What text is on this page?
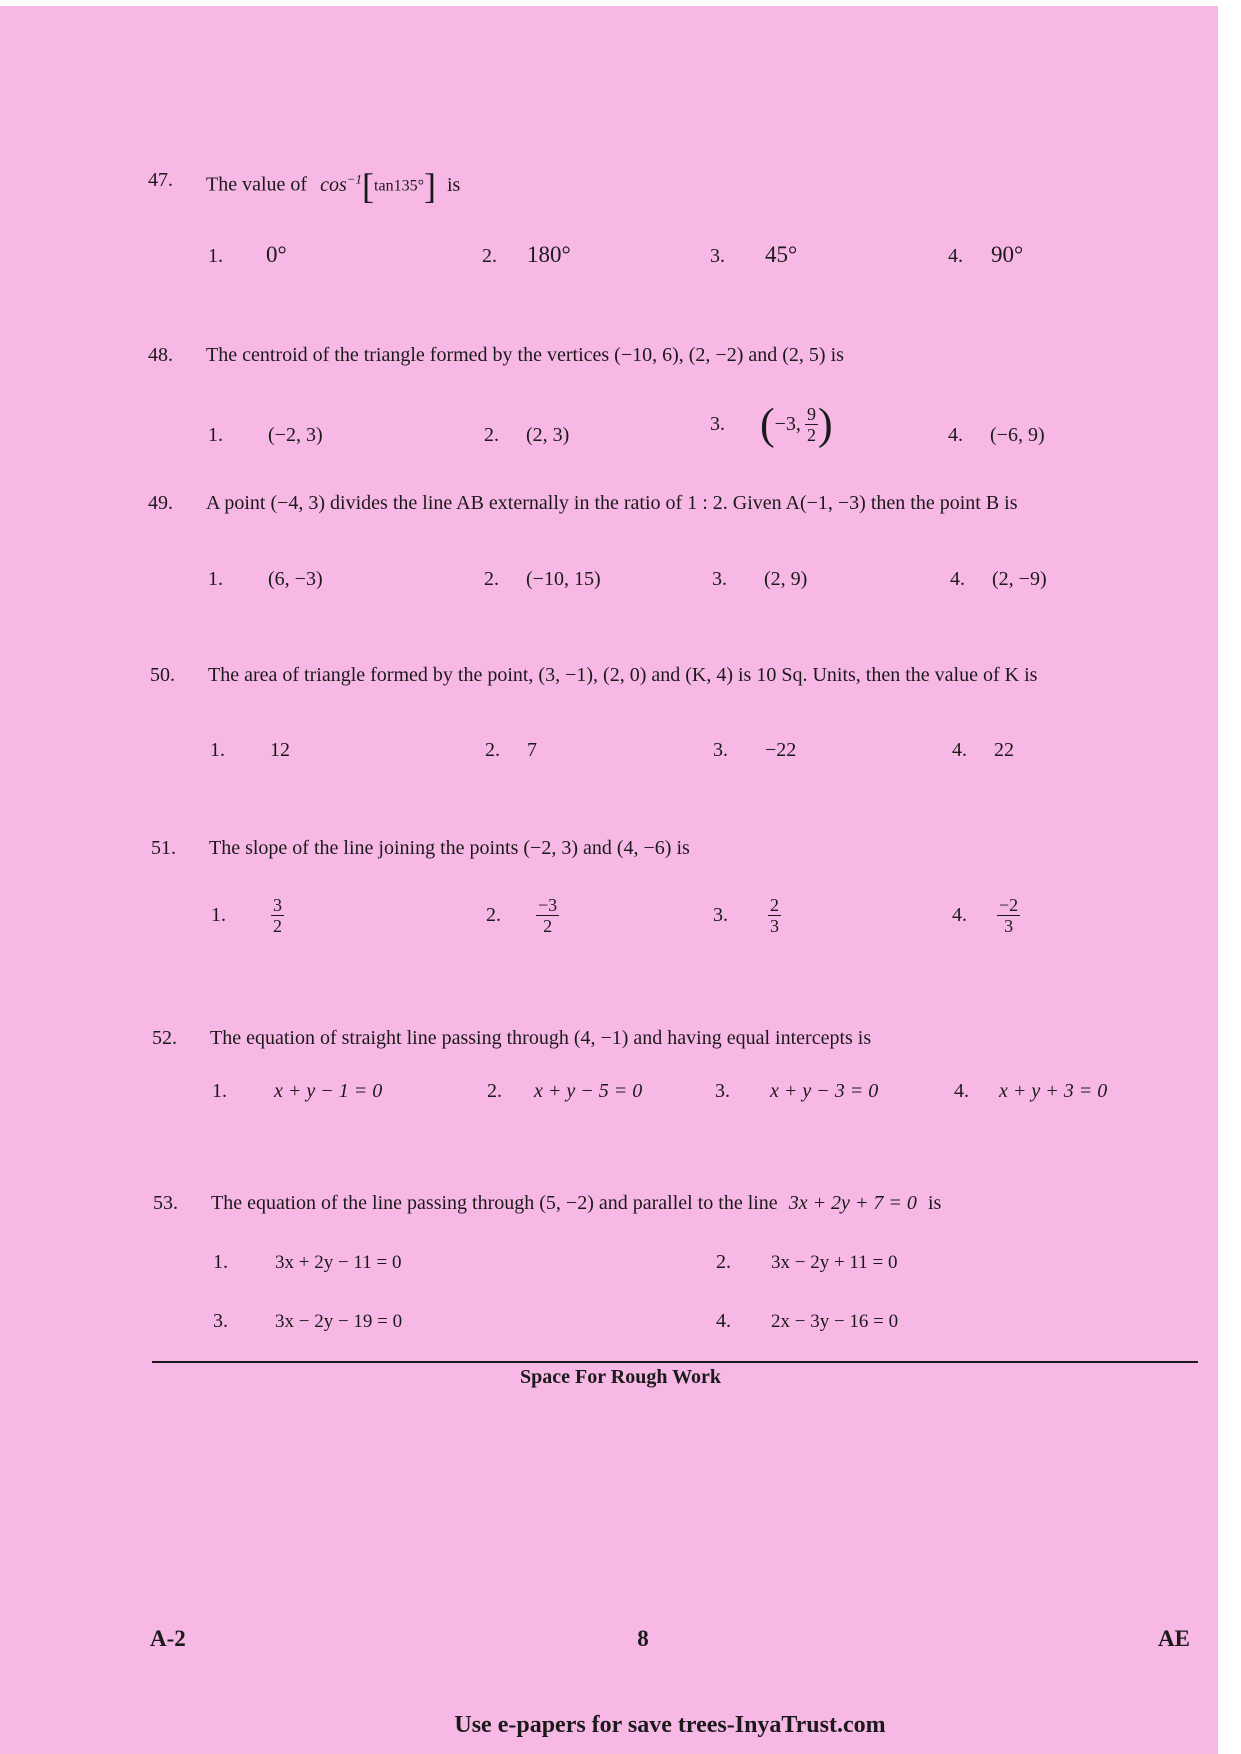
47. The value of $\cos^{-1}[\tan 135^\circ]$ is
1. 0°	2. 180°	3. 45°	4. 90°
48. The centroid of the triangle formed by the vertices (−10, 6), (2, −2) and (2, 5) is
1. (−2, 3)	2. (2, 3)	3. (−3, $\frac{9}{2}$ )	4. (−6, 9)
49. A point (−4, 3) divides the line AB externally in the ratio of 1 : 2. Given A(−1, −3) then the point B is
1. (6, −3)	2. (−10, 15)	3. (2, 9)	4. (2, −9)
50. The area of triangle formed by the point, (3, −1), (2, 0) and (K, 4) is 10 Sq. Units, then the value of K is
1. 12	2. 7	3. −22	4. 22
51. The slope of the line joining the points (−2, 3) and (4, −6) is
1.	$\frac{3}{2}$	2. $\frac{-3}{2}$	3. $\frac{2}{3}$	4. $\frac{-2}{3}$
52. The equation of straight line passing through (4, −1) and having equal intercepts is
1. x + y − 1 = 0	2. x + y − 5 = 0	3. x + y − 3 = 0	4. x + y + 3 = 0
53. The equation of the line passing through (5, −2) and parallel to the line 3x + 2y + 7 = 0 is
1. 3x + 2y − 11 = 0	2. 3x − 2y + 11 = 0
3. 3x − 2y − 19 = 0	4. 2x − 3y − 16 = 0
Space For Rough Work
A-2	8	AE
Use e-papers for save trees-InyaTrust.com
